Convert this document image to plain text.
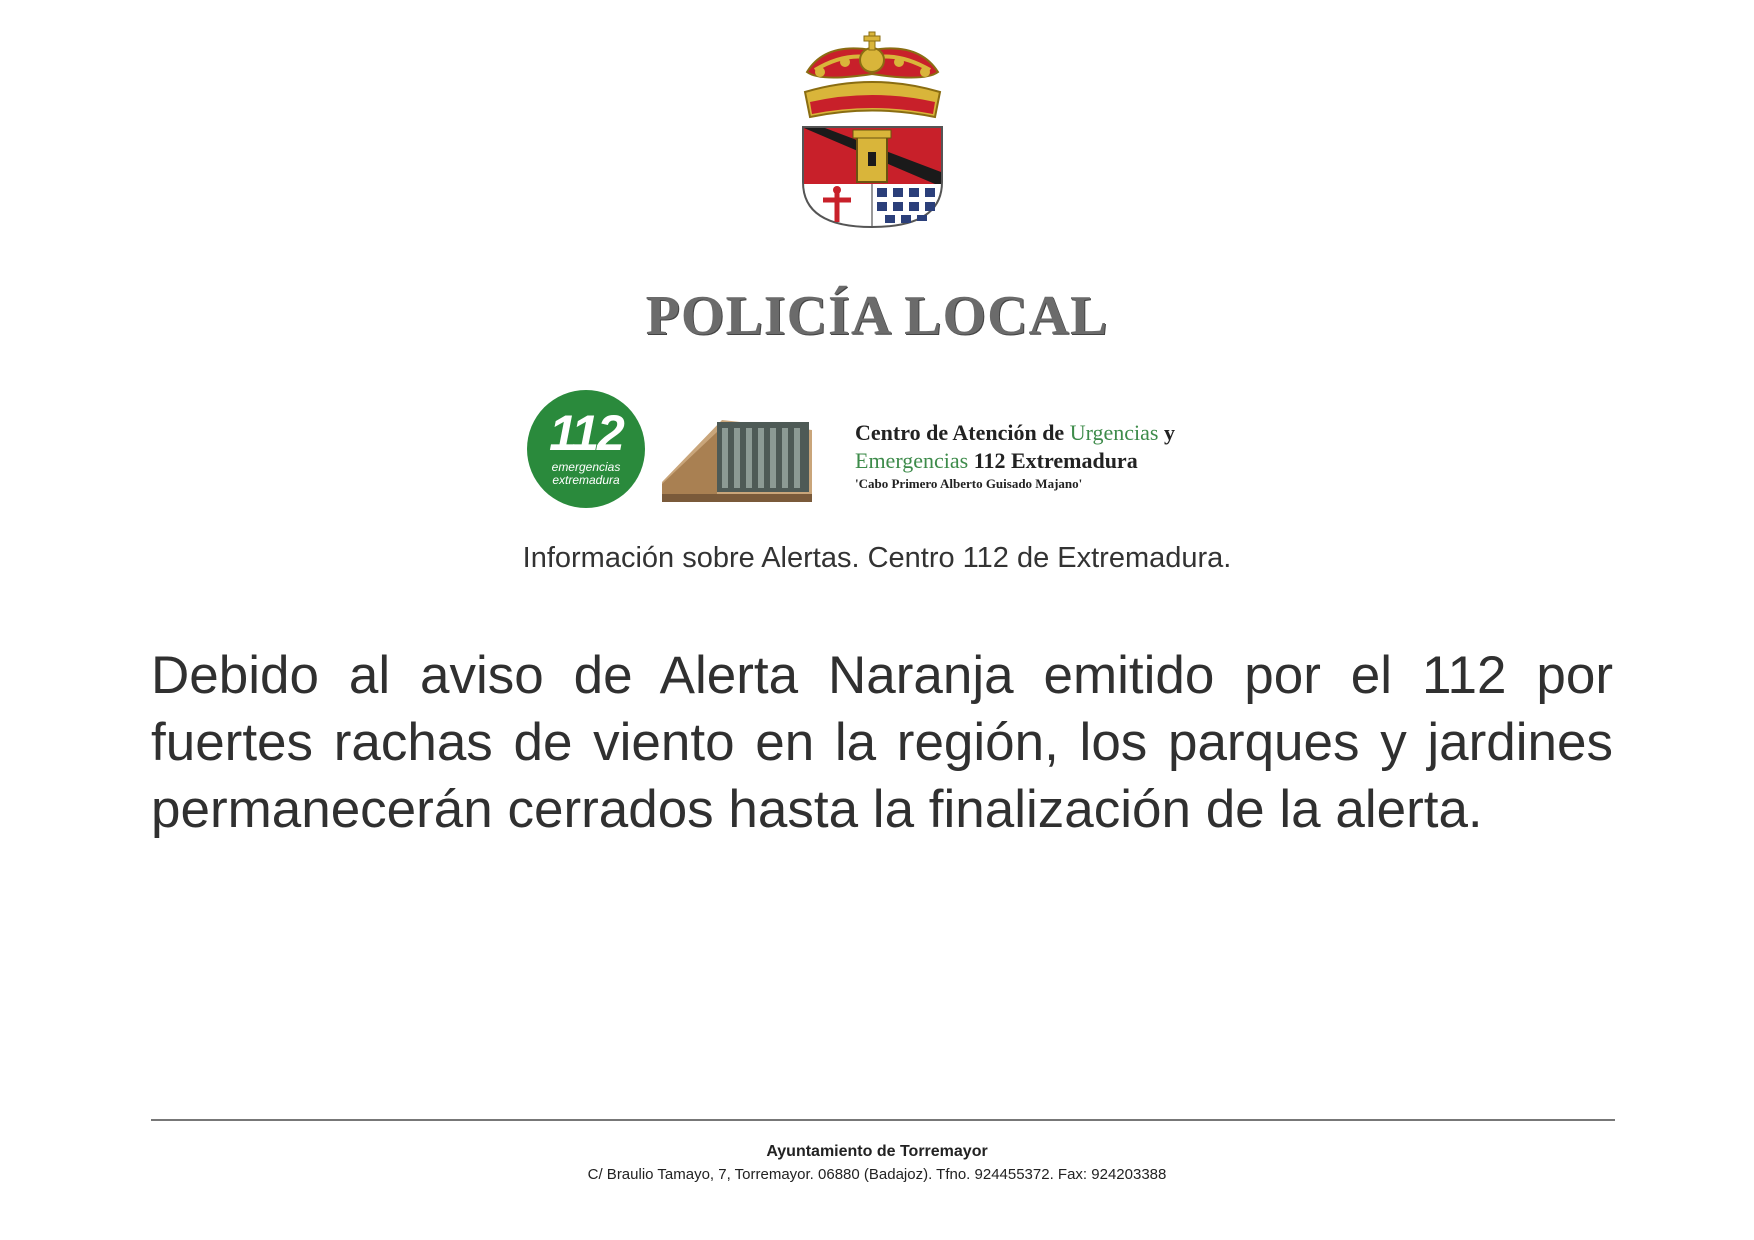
POLICÍA LOCAL
112
emergencias
extremadura
Centro de Atención de Urgencias y
Emergencias 112 Extremadura
'Cabo Primero Alberto Guisado Majano'
Información sobre Alertas. Centro 112 de Extremadura.
Debido al aviso de Alerta Naranja emitido por el 112 por fuertes rachas de viento en la región, los parques y jardines permanecerán cerrados hasta la finalización de la alerta.
Ayuntamiento de Torremayor
C/ Braulio Tamayo, 7, Torremayor. 06880 (Badajoz). Tfno. 924455372. Fax: 924203388
